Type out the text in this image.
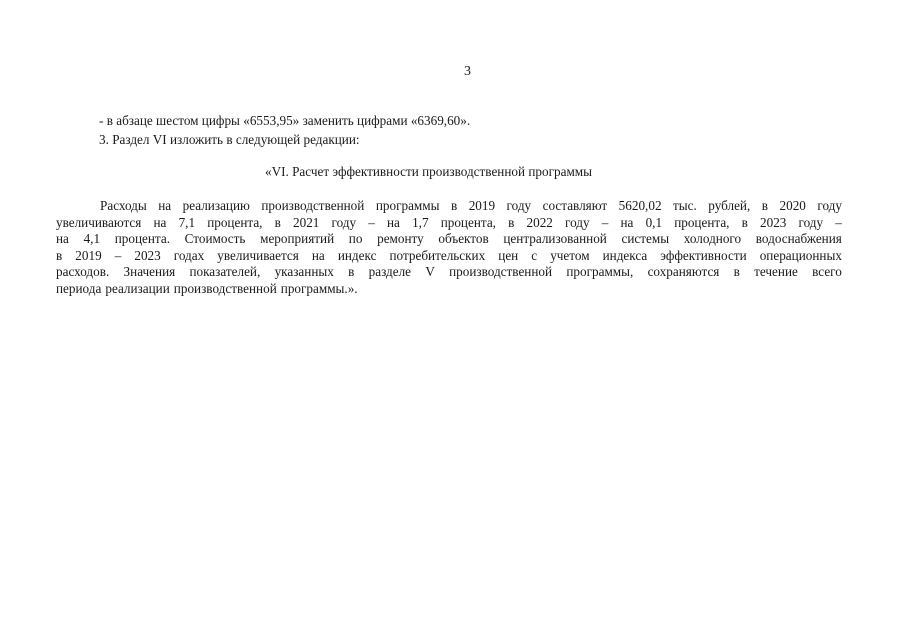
3
- в абзаце шестом цифры «6553,95» заменить цифрами «6369,60».
3. Раздел VI изложить в следующей редакции:
«VI. Расчет эффективности производственной программы
Расходы на реализацию производственной программы в 2019 году составляют 5620,02 тыс. рублей, в 2020 году
увеличиваются на 7,1 процента, в 2021 году – на 1,7 процента, в 2022 году – на 0,1 процента, в 2023 году –
на 4,1 процента. Стоимость мероприятий по ремонту объектов централизованной системы холодного водоснабжения
в 2019 – 2023 годах увеличивается на индекс потребительских цен с учетом индекса эффективности операционных
расходов. Значения показателей, указанных в разделе V производственной программы, сохраняются в течение всего
периода реализации производственной программы.».
